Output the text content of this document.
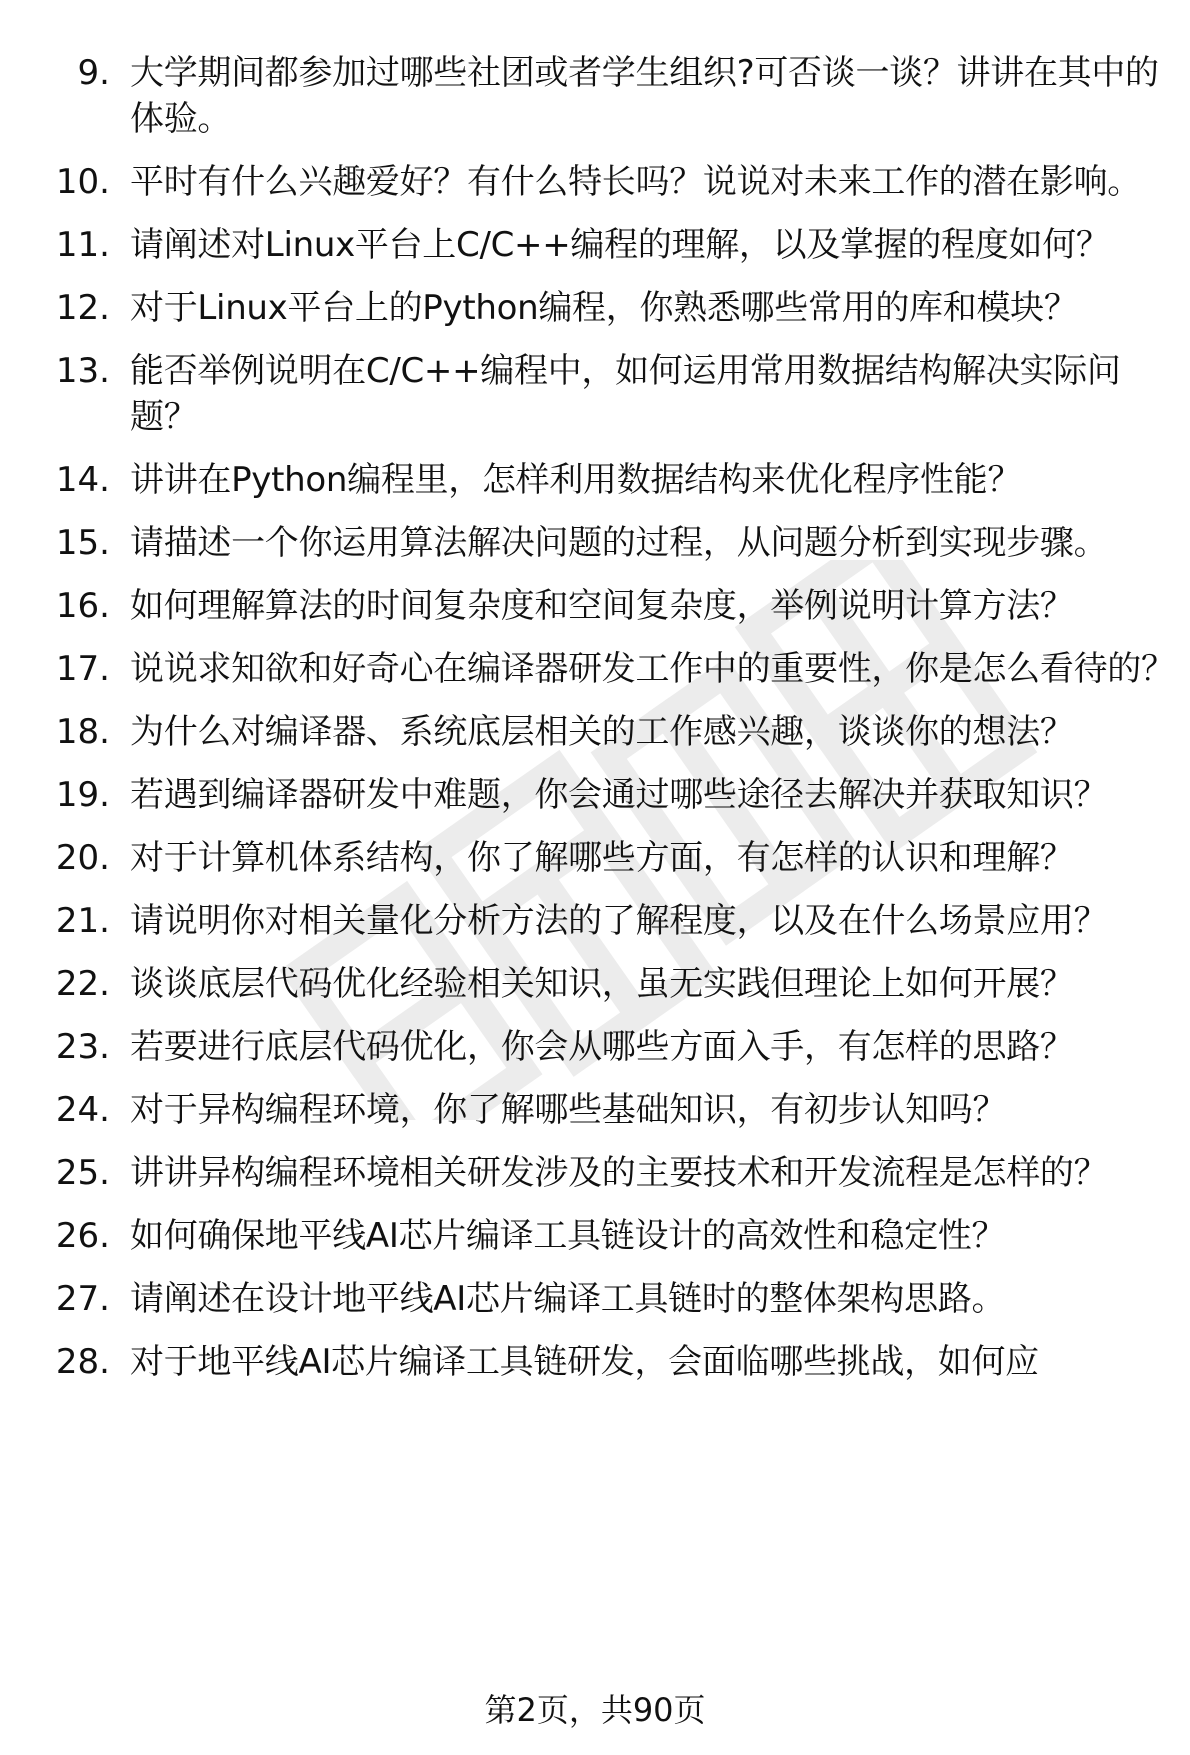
9. 大学期间都参加过哪些社团或者学生组织?可否谈一谈？讲讲在其中的体验。
10. 平时有什么兴趣爱好？有什么特长吗？说说对未来工作的潜在影响。
11. 请阐述对Linux平台上C/C++编程的理解，以及掌握的程度如何？
12. 对于Linux平台上的Python编程，你熟悉哪些常用的库和模块？
13. 能否举例说明在C/C++编程中，如何运用常用数据结构解决实际问题？
14. 讲讲在Python编程里，怎样利用数据结构来优化程序性能？
15. 请描述一个你运用算法解决问题的过程，从问题分析到实现步骤。
16. 如何理解算法的时间复杂度和空间复杂度，举例说明计算方法？
17. 说说求知欲和好奇心在编译器研发工作中的重要性，你是怎么看待的？
18. 为什么对编译器、系统底层相关的工作感兴趣，谈谈你的想法？
19. 若遇到编译器研发中难题，你会通过哪些途径去解决并获取知识？
20. 对于计算机体系结构，你了解哪些方面，有怎样的认识和理解？
21. 请说明你对相关量化分析方法的了解程度，以及在什么场景应用？
22. 谈谈底层代码优化经验相关知识，虽无实践但理论上如何开展？
23. 若要进行底层代码优化，你会从哪些方面入手，有怎样的思路？
24. 对于异构编程环境，你了解哪些基础知识，有初步认知吗？
25. 讲讲异构编程环境相关研发涉及的主要技术和开发流程是怎样的？
26. 如何确保地平线AI芯片编译工具链设计的高效性和稳定性？
27. 请阐述在设计地平线AI芯片编译工具链时的整体架构思路。
28. 对于地平线AI芯片编译工具链研发，会面临哪些挑战，如何应
第2页，共90页
